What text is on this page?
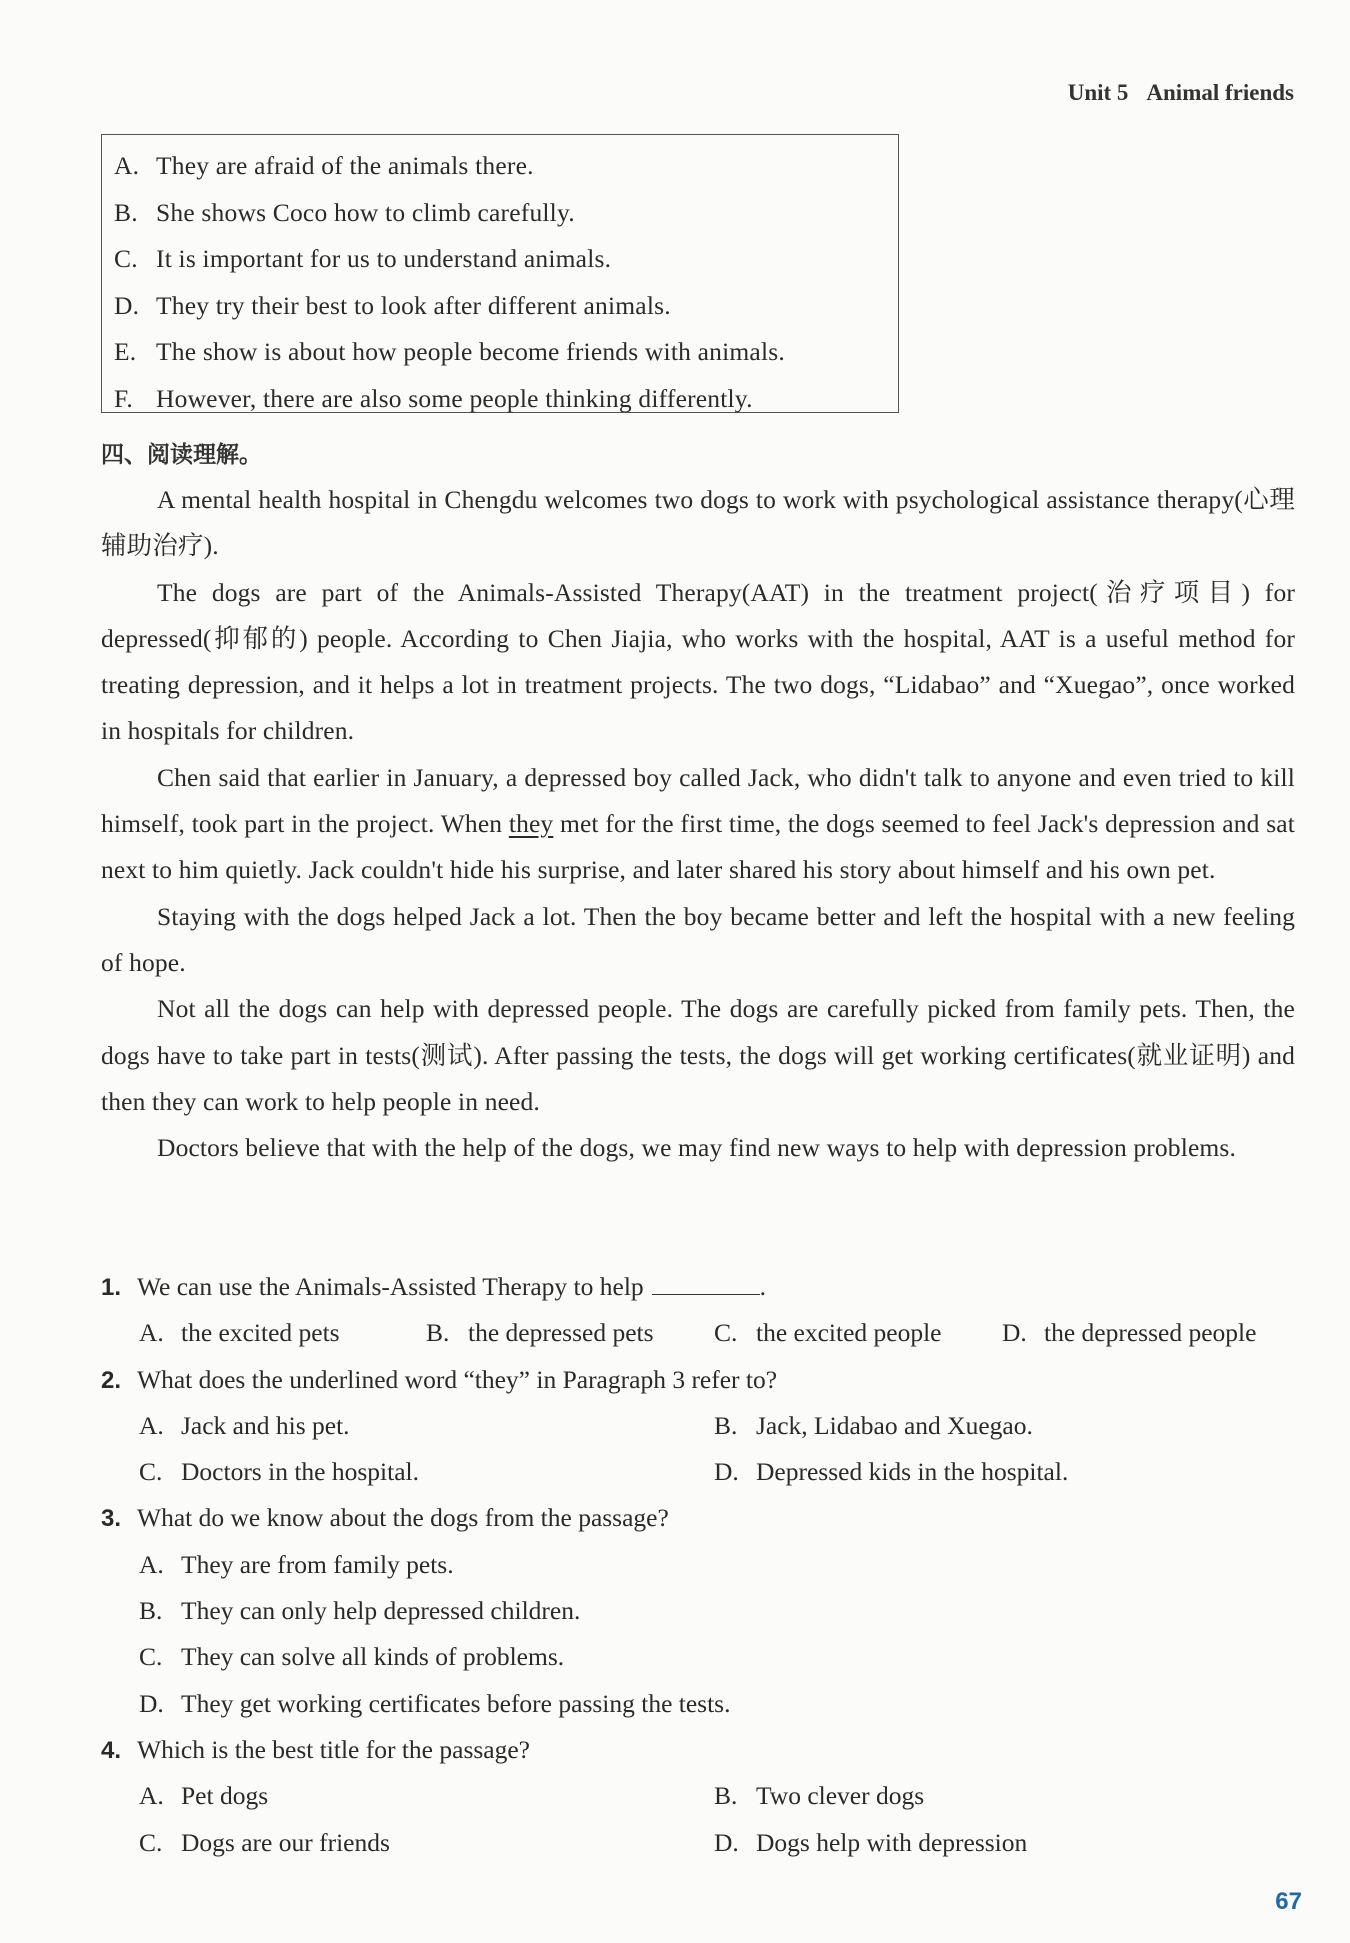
Unit 5 Animal friends
A. They are afraid of the animals there.
B. She shows Coco how to climb carefully.
C. It is important for us to understand animals.
D. They try their best to look after different animals.
E. The show is about how people become friends with animals.
F. However, there are also some people thinking differently.
四、阅读理解。

A mental health hospital in Chengdu welcomes two dogs to work with psychological assistance therapy(心理辅助治疗).

The dogs are part of the Animals-Assisted Therapy(AAT) in the treatment project(治疗项目) for depressed(抑郁的) people. According to Chen Jiajia, who works with the hospital, AAT is a useful method for treating depression, and it helps a lot in treatment projects. The two dogs, “Lidabao” and “Xuegao”, once worked in hospitals for children.

Chen said that earlier in January, a depressed boy called Jack, who didn't talk to anyone and even tried to kill himself, took part in the project. When they met for the first time, the dogs seemed to feel Jack's depression and sat next to him quietly. Jack couldn't hide his surprise, and later shared his story about himself and his own pet.

Staying with the dogs helped Jack a lot. Then the boy became better and left the hospital with a new feeling of hope.

Not all the dogs can help with depressed people. The dogs are carefully picked from family pets. Then, the dogs have to take part in tests(测试). After passing the tests, the dogs will get working certificates(就业证明) and then they can work to help people in need.

Doctors believe that with the help of the dogs, we may find new ways to help with depression problems.

1. We can use the Animals-Assisted Therapy to help	.
A. the excited pets	B. the depressed pets C. the excited people D. the depressed people
2. What does the underlined word “they” in Paragraph 3 refer to?
A. Jack and his pet.	B. Jack, Lidabao and Xuegao.
C. Doctors in the hospital.	D. Depressed kids in the hospital.
3. What do we know about the dogs from the passage?
A. They are from family pets.
B. They can only help depressed children.
C. They can solve all kinds of problems.
D. They get working certificates before passing the tests.
4. Which is the best title for the passage?
A. Pet dogs	B. Two clever dogs
C. Dogs are our friends	D. Dogs help with depression
67
